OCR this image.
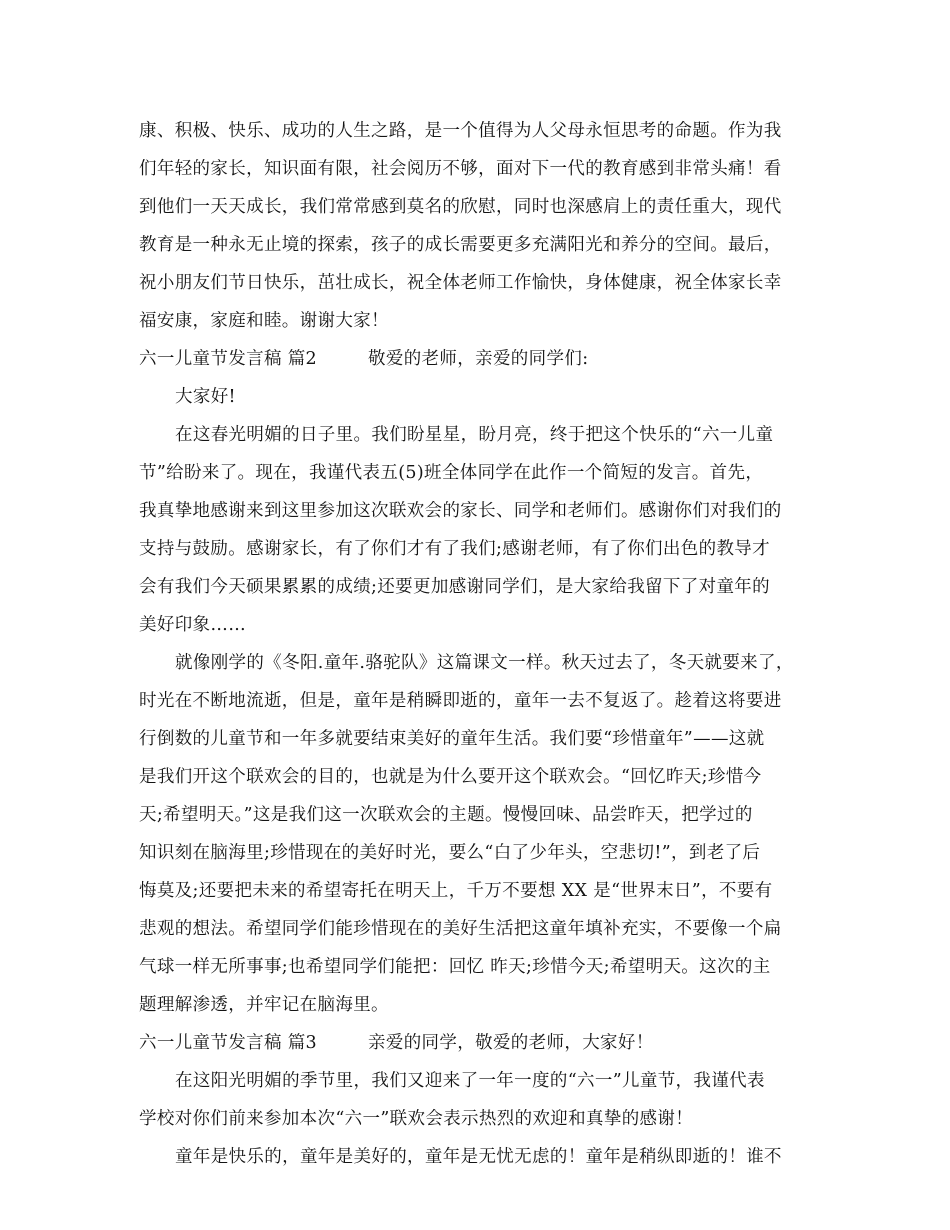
康、积极、快乐、成功的人生之路，是一个值得为人父母永恒思考的命题。作为我
们年轻的家长，知识面有限，社会阅历不够，面对下一代的教育感到非常头痛！看
到他们一天天成长，我们常常感到莫名的欣慰，同时也深感肩上的责任重大，现代
教育是一种永无止境的探索，孩子的成长需要更多充满阳光和养分的空间。最后，
祝小朋友们节日快乐，茁壮成长，祝全体老师工作愉快，身体健康，祝全体家长幸
福安康，家庭和睦。谢谢大家！
六一儿童节发言稿 篇2	敬爱的老师，亲爱的同学们:
大家好!
在这春光明媚的日子里。我们盼星星，盼月亮，终于把这个快乐的“六一儿童
节”给盼来了。现在，我谨代表五(5)班全体同学在此作一个简短的发言。首先，
我真挚地感谢来到这里参加这次联欢会的家长、同学和老师们。感谢你们对我们的
支持与鼓励。感谢家长，有了你们才有了我们;感谢老师，有了你们出色的教导才
会有我们今天硕果累累的成绩;还要更加感谢同学们，是大家给我留下了对童年的
美好印象……
就像刚学的《冬阳.童年.骆驼队》这篇课文一样。秋天过去了，冬天就要来了，
时光在不断地流逝，但是，童年是稍瞬即逝的，童年一去不复返了。趁着这将要进
行倒数的儿童节和一年多就要结束美好的童年生活。我们要“珍惜童年”——这就
是我们开这个联欢会的目的，也就是为什么要开这个联欢会。“回忆昨天;珍惜今
天;希望明天。”这是我们这一次联欢会的主题。慢慢回味、品尝昨天，把学过的
知识刻在脑海里;珍惜现在的美好时光，要么“白了少年头，空悲切!”，到老了后
悔莫及;还要把未来的希望寄托在明天上，千万不要想 XX 是“世界末日”，不要有
悲观的想法。希望同学们能珍惜现在的美好生活把这童年填补充实，不要像一个扁
气球一样无所事事;也希望同学们能把：回忆 昨天;珍惜今天;希望明天。这次的主
题理解渗透，并牢记在脑海里。
六一儿童节发言稿 篇3	亲爱的同学，敬爱的老师，大家好！
在这阳光明媚的季节里，我们又迎来了一年一度的“六一”儿童节，我谨代表
学校对你们前来参加本次“六一”联欢会表示热烈的欢迎和真挚的感谢！
童年是快乐的，童年是美好的，童年是无忧无虑的！童年是稍纵即逝的！谁不
